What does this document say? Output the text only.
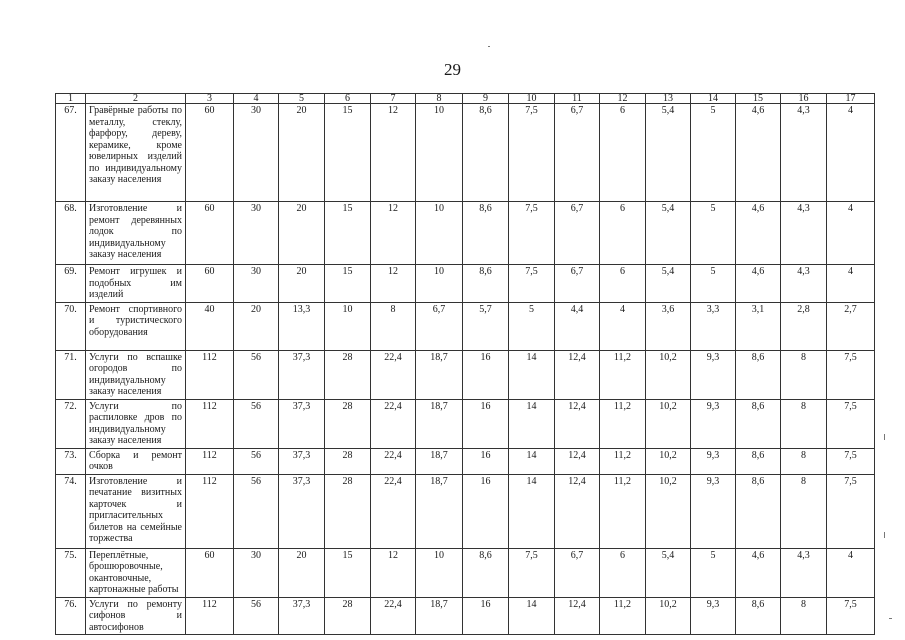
29
1	2	3	4	5	6	7	8	9	10	11	12	13	14	15	16	17
67.	Гравёрные работы по металлу, стеклу, фарфору, дереву, керамике, кроме ювелирных изделий по индивидуальному заказу населения	60	30	20	15	12	10	8,6	7,5	6,7	6	5,4	5	4,6	4,3	4
68.	Изготовление и ремонт деревянных лодок по индивидуальному заказу населения	60	30	20	15	12	10	8,6	7,5	6,7	6	5,4	5	4,6	4,3	4
69.	Ремонт игрушек и подобных им изделий	60	30	20	15	12	10	8,6	7,5	6,7	6	5,4	5	4,6	4,3	4
70.	Ремонт спортивного и туристического оборудования	40	20	13,3	10	8	6,7	5,7	5	4,4	4	3,6	3,3	3,1	2,8	2,7
71.	Услуги по вспашке огородов по индивидуальному заказу населения	112	56	37,3	28	22,4	18,7	16	14	12,4	11,2	10,2	9,3	8,6	8	7,5
72.	Услуги по распиловке дров по индивидуальному заказу населения	112	56	37,3	28	22,4	18,7	16	14	12,4	11,2	10,2	9,3	8,6	8	7,5
73.	Сборка и ремонт очков	112	56	37,3	28	22,4	18,7	16	14	12,4	11,2	10,2	9,3	8,6	8	7,5
74.	Изготовление и печатание визитных карточек и пригласительных билетов на семейные торжества	112	56	37,3	28	22,4	18,7	16	14	12,4	11,2	10,2	9,3	8,6	8	7,5
75.	Переплётные, брошюровочные, окантовочные, картонажные работы	60	30	20	15	12	10	8,6	7,5	6,7	6	5,4	5	4,6	4,3	4
76.	Услуги по ремонту сифонов и автосифонов	112	56	37,3	28	22,4	18,7	16	14	12,4	11,2	10,2	9,3	8,6	8	7,5
